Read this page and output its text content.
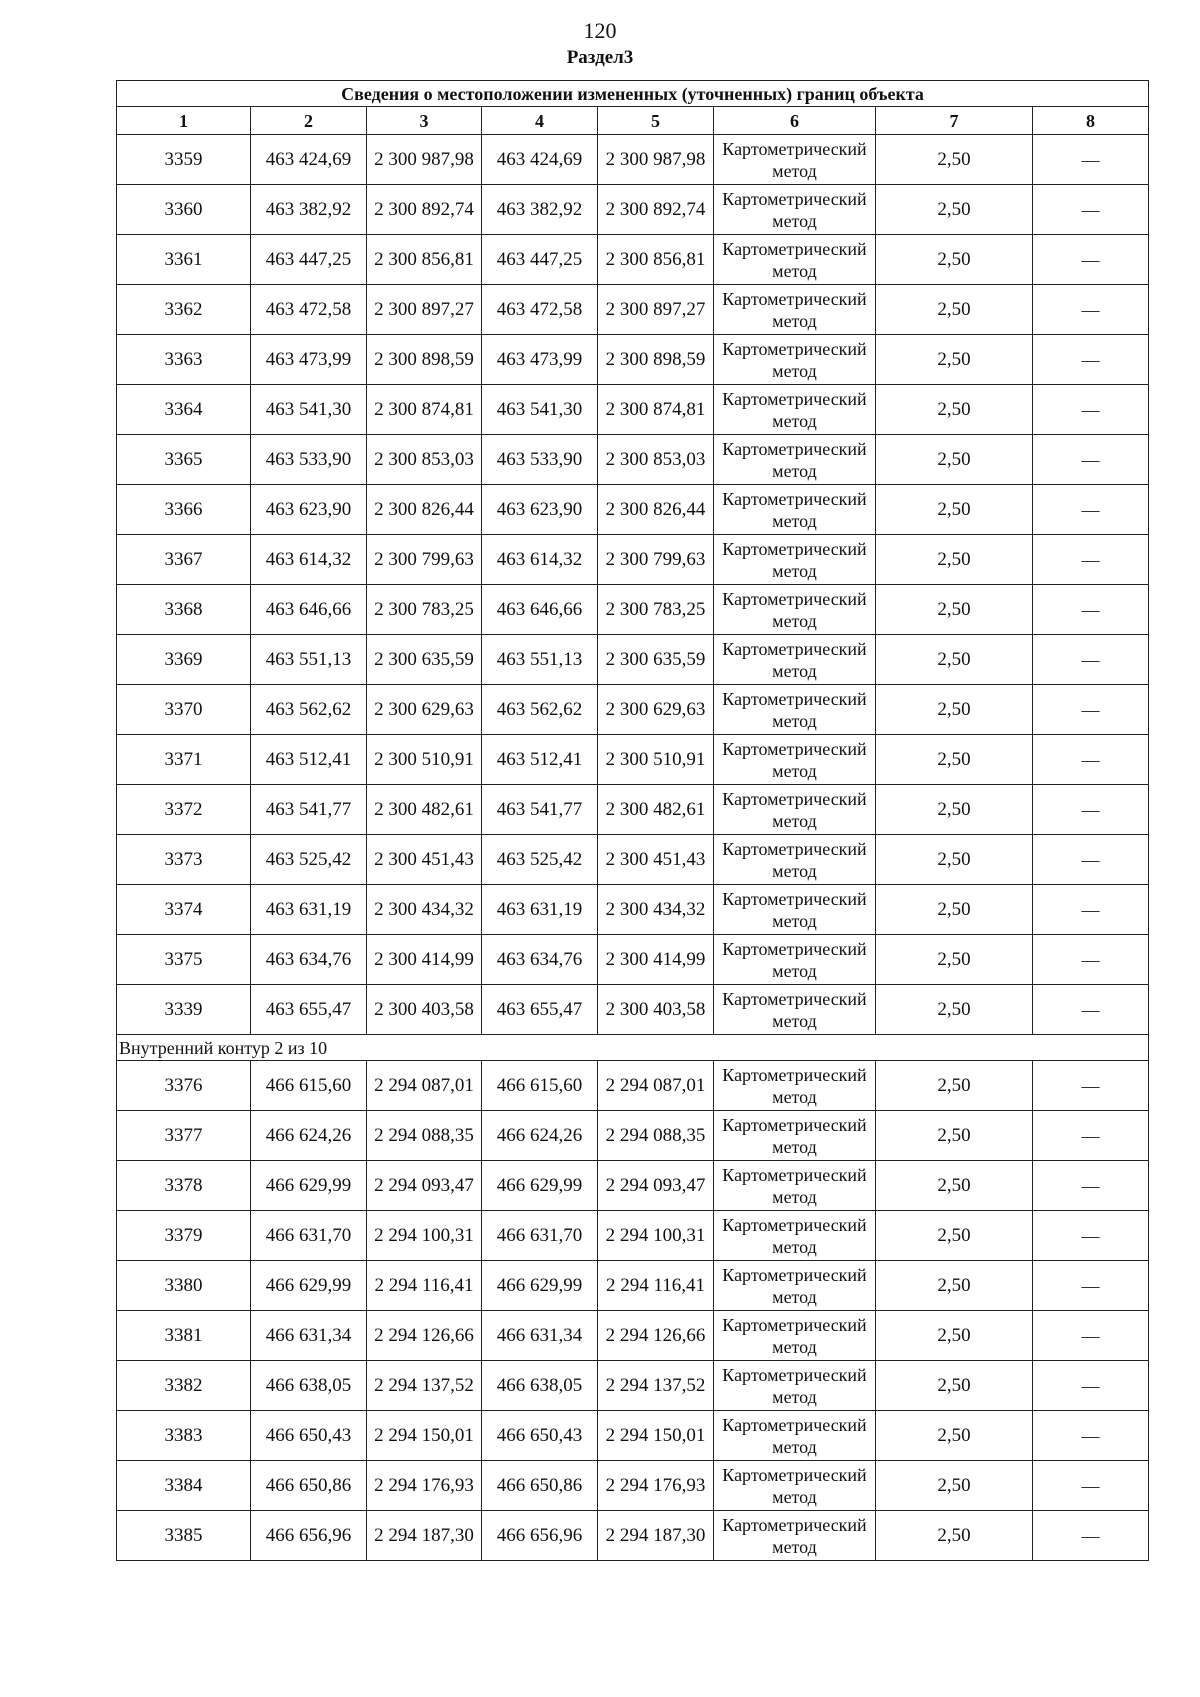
120
Раздел3
Сведения о местоположении измененных (уточненных) границ объекта							
1	2	3	4	5	6	7	8
3359	463 424,69	2 300 987,98	463 424,69	2 300 987,98	Картометрический метод	2,50	—
3360	463 382,92	2 300 892,74	463 382,92	2 300 892,74	Картометрический метод	2,50	—
3361	463 447,25	2 300 856,81	463 447,25	2 300 856,81	Картометрический метод	2,50	—
3362	463 472,58	2 300 897,27	463 472,58	2 300 897,27	Картометрический метод	2,50	—
3363	463 473,99	2 300 898,59	463 473,99	2 300 898,59	Картометрический метод	2,50	—
3364	463 541,30	2 300 874,81	463 541,30	2 300 874,81	Картометрический метод	2,50	—
3365	463 533,90	2 300 853,03	463 533,90	2 300 853,03	Картометрический метод	2,50	—
3366	463 623,90	2 300 826,44	463 623,90	2 300 826,44	Картометрический метод	2,50	—
3367	463 614,32	2 300 799,63	463 614,32	2 300 799,63	Картометрический метод	2,50	—
3368	463 646,66	2 300 783,25	463 646,66	2 300 783,25	Картометрический метод	2,50	—
3369	463 551,13	2 300 635,59	463 551,13	2 300 635,59	Картометрический метод	2,50	—
3370	463 562,62	2 300 629,63	463 562,62	2 300 629,63	Картометрический метод	2,50	—
3371	463 512,41	2 300 510,91	463 512,41	2 300 510,91	Картометрический метод	2,50	—
3372	463 541,77	2 300 482,61	463 541,77	2 300 482,61	Картометрический метод	2,50	—
3373	463 525,42	2 300 451,43	463 525,42	2 300 451,43	Картометрический метод	2,50	—
3374	463 631,19	2 300 434,32	463 631,19	2 300 434,32	Картометрический метод	2,50	—
3375	463 634,76	2 300 414,99	463 634,76	2 300 414,99	Картометрический метод	2,50	—
3339	463 655,47	2 300 403,58	463 655,47	2 300 403,58	Картометрический метод	2,50	—
Внутренний контур 2 из 10							
3376	466 615,60	2 294 087,01	466 615,60	2 294 087,01	Картометрический метод	2,50	—
3377	466 624,26	2 294 088,35	466 624,26	2 294 088,35	Картометрический метод	2,50	—
3378	466 629,99	2 294 093,47	466 629,99	2 294 093,47	Картометрический метод	2,50	—
3379	466 631,70	2 294 100,31	466 631,70	2 294 100,31	Картометрический метод	2,50	—
3380	466 629,99	2 294 116,41	466 629,99	2 294 116,41	Картометрический метод	2,50	—
3381	466 631,34	2 294 126,66	466 631,34	2 294 126,66	Картометрический метод	2,50	—
3382	466 638,05	2 294 137,52	466 638,05	2 294 137,52	Картометрический метод	2,50	—
3383	466 650,43	2 294 150,01	466 650,43	2 294 150,01	Картометрический метод	2,50	—
3384	466 650,86	2 294 176,93	466 650,86	2 294 176,93	Картометрический метод	2,50	—
3385	466 656,96	2 294 187,30	466 656,96	2 294 187,30	Картометрический метод	2,50	—
